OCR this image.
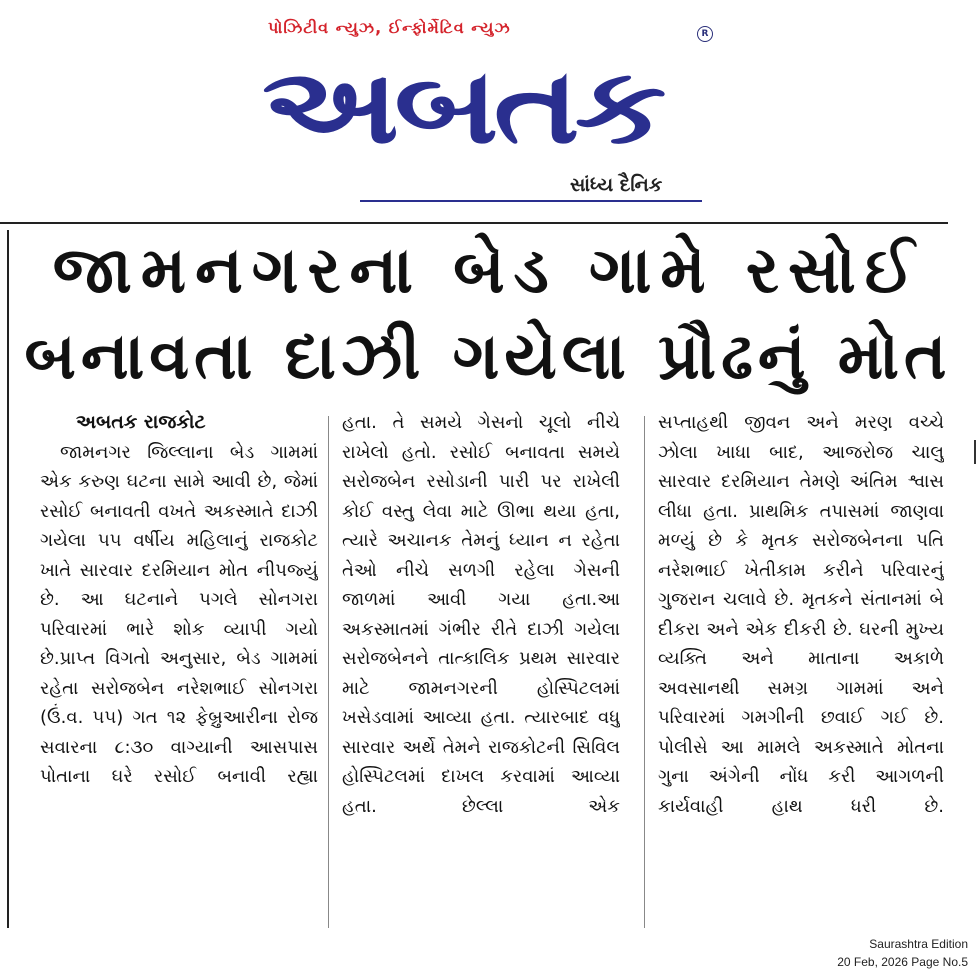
પોઝિટીવ ન્યુઝ, ઈન્ફોર્મેટિવ ન્યુઝ	R
અબતક
સાંધ્ય દૈનિક
જામનગરના બેડ ગામે રસોઈ
બનાવતા દાઝી ગયેલા પ્રૌઢનું મોત
અબતક રાજકોટ
જામનગર જિલ્લાના બેડ ગામમાં એક કરુણ ઘટના સામે આવી છે, જેમાં રસોઈ બનાવતી વખતે અકસ્માતે દાઝી ગયેલા ૫૫ વર્ષીય મહિલાનું રાજકોટ ખાતે સારવાર દરમિયાન મોત નીપજ્યું છે. આ ઘટનાને પગલે સોનગરા પરિવારમાં ભારે શોક વ્યાપી ગયો છે.પ્રાપ્ત વિગતો અનુસાર, બેડ ગામમાં રહેતા સરોજબેન નરેશભાઈ સોનગરા (ઉં.વ. ૫૫) ગત ૧૨ ફેબ્રુઆરીના રોજ સવારના ૮:૩૦ વાગ્યાની આસપાસ પોતાના ઘરે રસોઈ બનાવી રહ્યા
હતા. તે સમયે ગેસનો ચૂલો નીચે રાખેલો હતો. રસોઈ બનાવતા સમયે સરોજબેન રસોડાની પારી પર રાખેલી કોઈ વસ્તુ લેવા માટે ઊભા થયા હતા, ત્યારે અચાનક તેમનું ધ્યાન ન રહેતા તેઓ નીચે સળગી રહેલા ગેસની જાળમાં આવી ગયા હતા.આ અકસ્માતમાં ગંભીર રીતે દાઝી ગયેલા સરોજબેનને તાત્કાલિક પ્રથમ સારવાર માટે જામનગરની હોસ્પિટલમાં ખસેડવામાં આવ્યા હતા. ત્યારબાદ વધુ સારવાર અર્થે તેમને રાજકોટની સિવિલ હોસ્પિટલમાં દાખલ કરવામાં આવ્યા હતા. છેલ્લા એક
સપ્તાહથી જીવન અને મરણ વચ્ચે ઝોલા ખાધા બાદ, આજરોજ ચાલુ સારવાર દરમિયાન તેમણે અંતિમ શ્વાસ લીધા હતા. પ્રાથમિક તપાસમાં જાણવા મળ્યું છે કે મૃતક સરોજબેનના પતિ નરેશભાઈ ખેતીકામ કરીને પરિવારનું ગુજરાન ચલાવે છે. મૃતકને સંતાનમાં બે દીકરા અને એક દીકરી છે. ઘરની મુખ્ય વ્યક્તિ અને માતાના અકાળે અવસાનથી સમગ્ર ગામમાં અને પરિવારમાં ગમગીની છવાઈ ગઈ છે. પોલીસે આ મામલે અકસ્માતે મોતના ગુના અંગેની નોંધ કરી આગળની કાર્યવાહી હાથ ધરી છે.
Saurashtra Edition
20 Feb, 2026 Page No.5
